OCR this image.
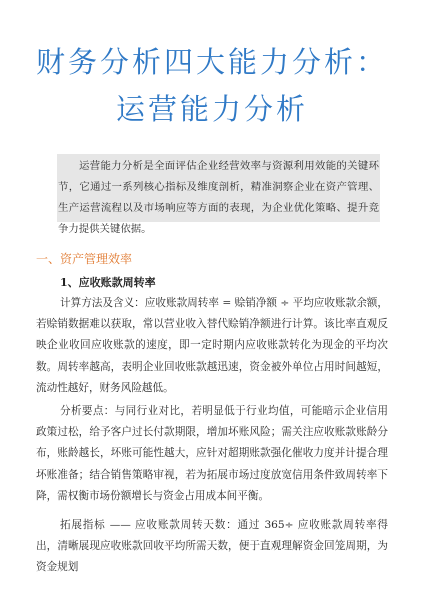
财务分析四大能力分析：
运营能力分析

运营能力分析是全面评估企业经营效率与资源利用效能的关键环节，它通过一系列核心指标及维度剖析，精准洞察企业在资产管理、生产运营流程以及市场响应等方面的表现，为企业优化策略、提升竞争力提供关键依据。

一、资产管理效率
1、应收账款周转率

计算方法及含义：应收账款周转率 = 赊销净额 ÷ 平均应收账款余额，若赊销数据难以获取，常以营业收入替代赊销净额进行计算。该比率直观反映企业收回应收账款的速度，即一定时期内应收账款转化为现金的平均次数。周转率越高，表明企业回收账款越迅速，资金被外单位占用时间越短，流动性越好，财务风险越低。

分析要点：与同行业对比，若明显低于行业均值，可能暗示企业信用政策过松，给予客户过长付款期限，增加坏账风险；需关注应收账款账龄分布，账龄越长，坏账可能性越大，应针对超期账款强化催收力度并计提合理坏账准备；结合销售策略审视，若为拓展市场过度放宽信用条件致周转率下降，需权衡市场份额增长与资金占用成本间平衡。

拓展指标 —— 应收账款周转天数：通过 365÷ 应收账款周转率得出，清晰展现应收账款回收平均所需天数，便于直观理解资金回笼周期，为资金规划
